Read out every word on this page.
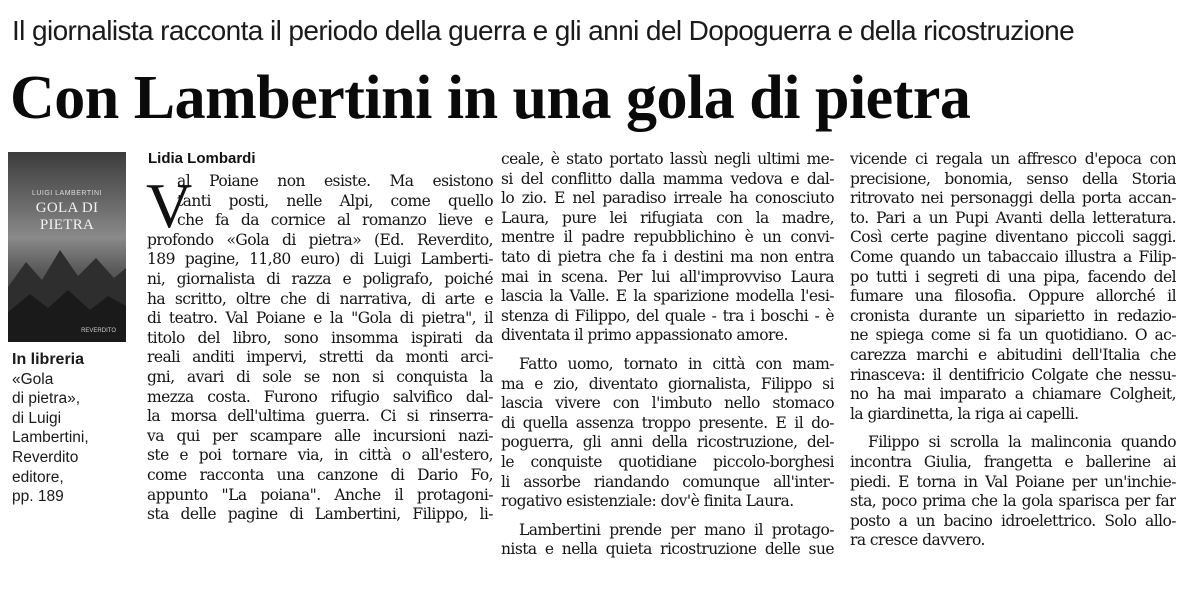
Il giornalista racconta il periodo della guerra e gli anni del Dopoguerra e della ricostruzione
Con Lambertini in una gola di pietra
LUIGI LAMBERTINI
GOLA DI PIETRA
REVERDITO
In libreria
«Gola
di pietra»,
di Luigi
Lambertini,
Reverdito
editore,
pp. 189
Lidia Lombardi
V

al Poiane non esiste. Ma esistono
tanti posti, nelle Alpi, come quello
che fa da cornice al romanzo lieve e
profondo «Gola di pietra» (Ed. Reverdito,
189 pagine, 11,80 euro) di Luigi Lamberti-
ni, giornalista di razza e poligrafo, poiché
ha scritto, oltre che di narrativa, di arte e
di teatro. Val Poiane e la "Gola di pietra", il
titolo del libro, sono insomma ispirati da
reali anditi impervi, stretti da monti arci-
gni, avari di sole se non si conquista la
mezza costa. Furono rifugio salvifico dal-
la morsa dell'ultima guerra. Ci si rinserra-
va qui per scampare alle incursioni nazi-
ste e poi tornare via, in città o all'estero,
come racconta una canzone di Dario Fo,
appunto "La poiana". Anche il protagoni-
sta delle pagine di Lambertini, Filippo, li-

ceale, è stato portato lassù negli ultimi me-
si del conflitto dalla mamma vedova e dal-
lo zio. E nel paradiso irreale ha conosciuto
Laura, pure lei rifugiata con la madre,
mentre il padre repubblichino è un convi-
tato di pietra che fa i destini ma non entra
mai in scena. Per lui all'improvviso Laura
lascia la Valle. E la sparizione modella l'esi-
stenza di Filippo, del quale - tra i boschi - è
diventata il primo appassionato amore.

Fatto uomo, tornato in città con mam-
ma e zio, diventato giornalista, Filippo si
lascia vivere con l'imbuto nello stomaco
di quella assenza troppo presente. E il do-
poguerra, gli anni della ricostruzione, del-
le conquiste quotidiane piccolo-borghesi
li assorbe riandando comunque all'inter-
rogativo esistenziale: dov'è finita Laura.

Lambertini prende per mano il protago-
nista e nella quieta ricostruzione delle sue

vicende ci regala un affresco d'epoca con
precisione, bonomia, senso della Storia
ritrovato nei personaggi della porta accan-
to. Pari a un Pupi Avanti della letteratura.
Così certe pagine diventano piccoli saggi.
Come quando un tabaccaio illustra a Filip-
po tutti i segreti di una pipa, facendo del
fumare una filosofia. Oppure allorché il
cronista durante un siparietto in redazio-
ne spiega come si fa un quotidiano. O ac-
carezza marchi e abitudini dell'Italia che
rinasceva: il dentifricio Colgate che nessu-
no ha mai imparato a chiamare Colgheit,
la giardinetta, la riga ai capelli.

Filippo si scrolla la malinconia quando
incontra Giulia, frangetta e ballerine ai
piedi. E torna in Val Poiane per un'inchie-
sta, poco prima che la gola sparisca per far
posto a un bacino idroelettrico. Solo allo-
ra cresce davvero.
